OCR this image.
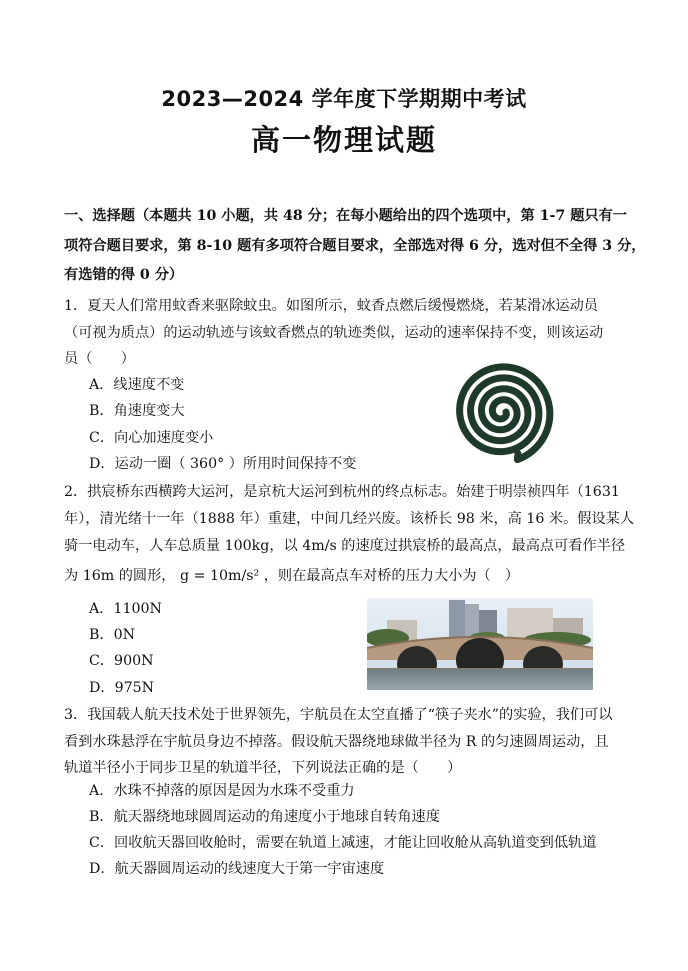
2023—2024 学年度下学期期中考试
高一物理试题
一、选择题（本题共 10 小题，共 48 分；在每小题给出的四个选项中，第 1-7 题只有一
项符合题目要求，第 8-10 题有多项符合题目要求，全部选对得 6 分，选对但不全得 3 分，
有选错的得 0 分）
1．夏天人们常用蚊香来驱除蚊虫。如图所示，蚊香点燃后缓慢燃烧，若某滑冰运动员
（可视为质点）的运动轨迹与该蚊香燃点的轨迹类似，运动的速率保持不变，则该运动
员（　　）
A．线速度不变
B．角速度变大
C．向心加速度变小
D．运动一圈（ 360° ）所用时间保持不变
2．拱宸桥东西横跨大运河，是京杭大运河到杭州的终点标志。始建于明崇祯四年（1631
年），清光绪十一年（1888 年）重建，中间几经兴废。该桥长 98 米，高 16 米。假设某人
骑一电动车，人车总质量 100kg，以 4m/s 的速度过拱宸桥的最高点，最高点可看作半径
为 16m 的圆形， g = 10m/s² ，则在最高点车对桥的压力大小为（　）
A．1100N
B．0N
C．900N
D．975N
3．我国载人航天技术处于世界领先，宇航员在太空直播了“筷子夹水”的实验，我们可以
看到水珠悬浮在宇航员身边不掉落。假设航天器绕地球做半径为 R 的匀速圆周运动，且
轨道半径小于同步卫星的轨道半径，下列说法正确的是（　　）
A．水珠不掉落的原因是因为水珠不受重力
B．航天器绕地球圆周运动的角速度小于地球自转角速度
C．回收航天器回收舱时，需要在轨道上减速，才能让回收舱从高轨道变到低轨道
D．航天器圆周运动的线速度大于第一宇宙速度
